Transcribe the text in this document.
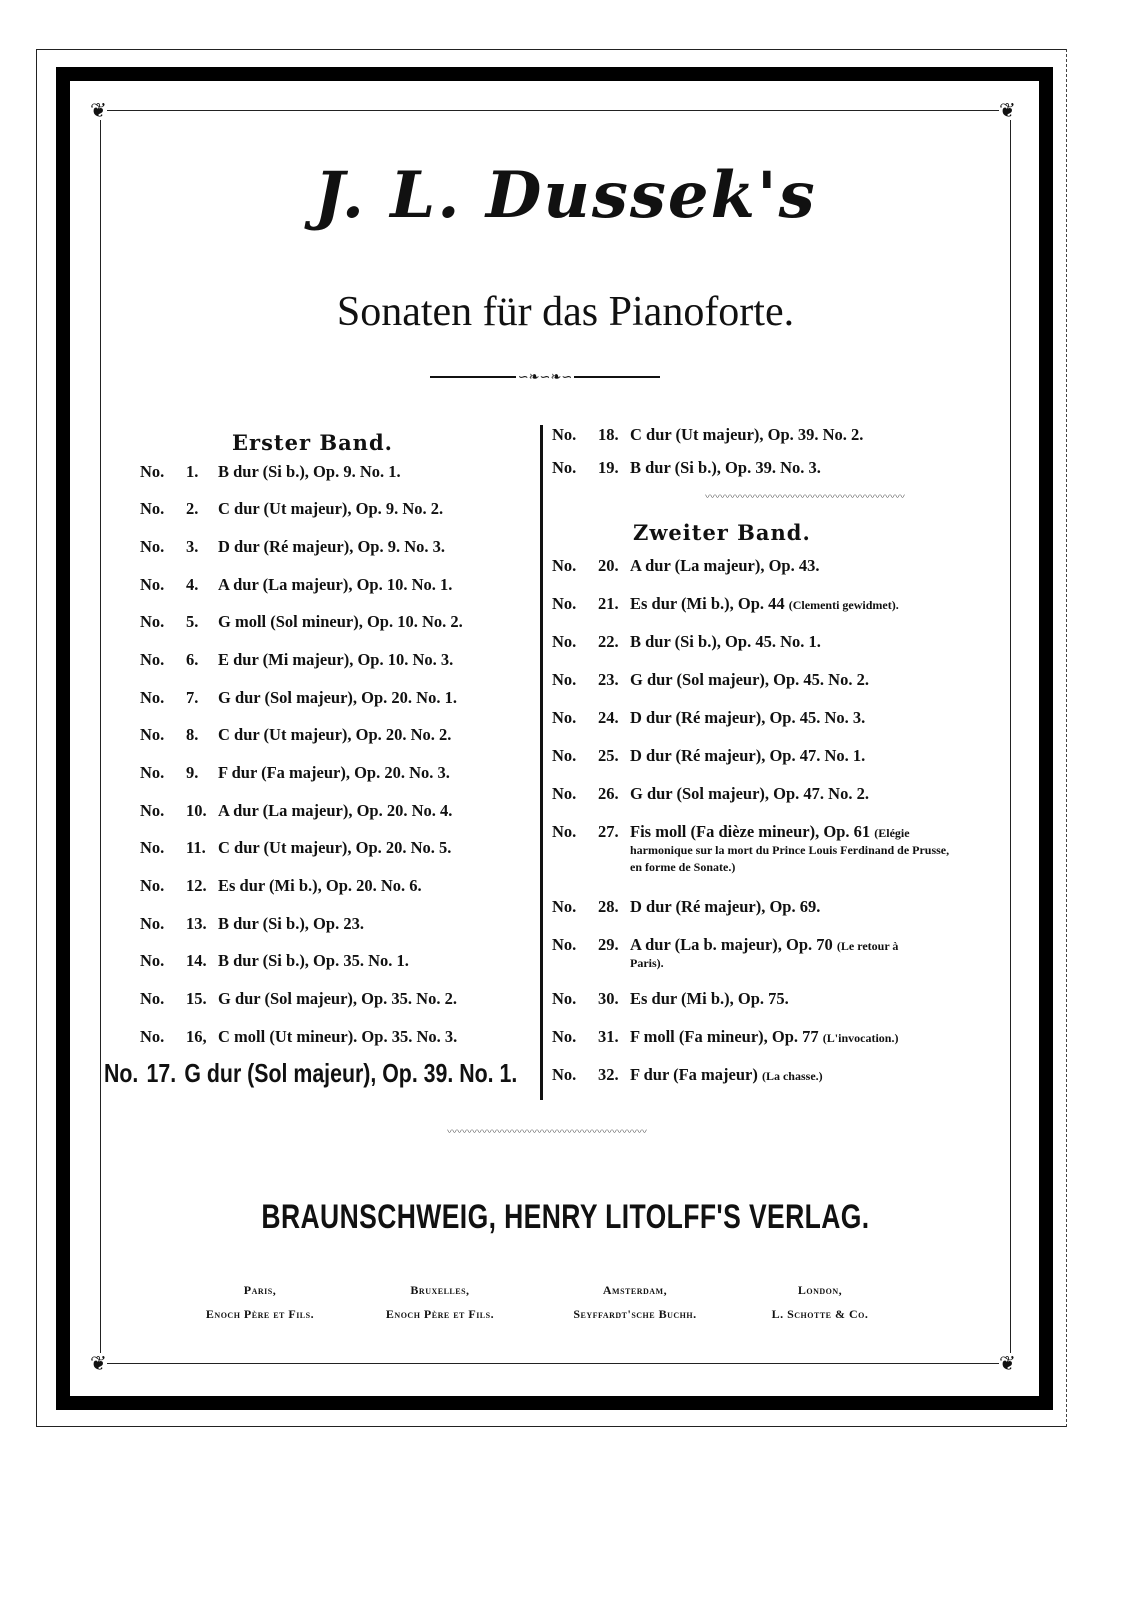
❦	❦
❦	❦
J. L. Dussek's
Sonaten für das Pianoforte.
∽❧∽❧∽
Erster Band.
No. 1. B dur (Si b.), Op. 9. No. 1.
No. 2. C dur (Ut majeur), Op. 9. No. 2.
No. 3. D dur (Ré majeur), Op. 9. No. 3.
No. 4. A dur (La majeur), Op. 10. No. 1.
No. 5. G moll (Sol mineur), Op. 10. No. 2.
No. 6. E dur (Mi majeur), Op. 10. No. 3.
No. 7. G dur (Sol majeur), Op. 20. No. 1.
No. 8. C dur (Ut majeur), Op. 20. No. 2.
No. 9. F dur (Fa majeur), Op. 20. No. 3.
No. 10. A dur (La majeur), Op. 20. No. 4.
No. 11. C dur (Ut majeur), Op. 20. No. 5.
No. 12. Es dur (Mi b.), Op. 20. No. 6.
No. 13. B dur (Si b.), Op. 23.
No. 14. B dur (Si b.), Op. 35. No. 1.
No. 15. G dur (Sol majeur), Op. 35. No. 2.
No. 16, C moll (Ut mineur). Op. 35. No. 3.
No. 17. G dur (Sol majeur), Op. 39. No. 1.
No. 18. C dur (Ut majeur), Op. 39. No. 2.
No. 19. B dur (Si b.), Op. 39. No. 3.
〰〰〰〰〰〰〰〰〰〰〰〰〰〰〰〰〰〰〰〰
Zweiter Band.
No. 20. A dur (La majeur), Op. 43.
No. 21. Es dur (Mi b.), Op. 44 (Clementi gewidmet).
No. 22. B dur (Si b.), Op. 45. No. 1.
No. 23. G dur (Sol majeur), Op. 45. No. 2.
No. 24. D dur (Ré majeur), Op. 45. No. 3.
No. 25. D dur (Ré majeur), Op. 47. No. 1.
No. 26. G dur (Sol majeur), Op. 47. No. 2.
No. 27. Fis moll (Fa dièze mineur), Op. 61 (Elégie
harmonique sur la mort du Prince Louis Ferdinand de Prusse, en forme de Sonate.)
No. 28. D dur (Ré majeur), Op. 69.
No. 29. A dur (La b. majeur), Op. 70 (Le retour à
Paris).
No. 30. Es dur (Mi b.), Op. 75.
No. 31. F moll (Fa mineur), Op. 77 (L'invocation.)
No. 32. F dur (Fa majeur) (La chasse.)
〰〰〰〰〰〰〰〰〰〰〰〰〰〰〰〰〰〰〰〰
BRAUNSCHWEIG, HENRY LITOLFF'S VERLAG.
Paris,	Bruxelles,	Amsterdam,	London,
Enoch Père et Fils.	Enoch Père et Fils.	Seyffardt'sche Buchh.	L. Schotte & Co.
